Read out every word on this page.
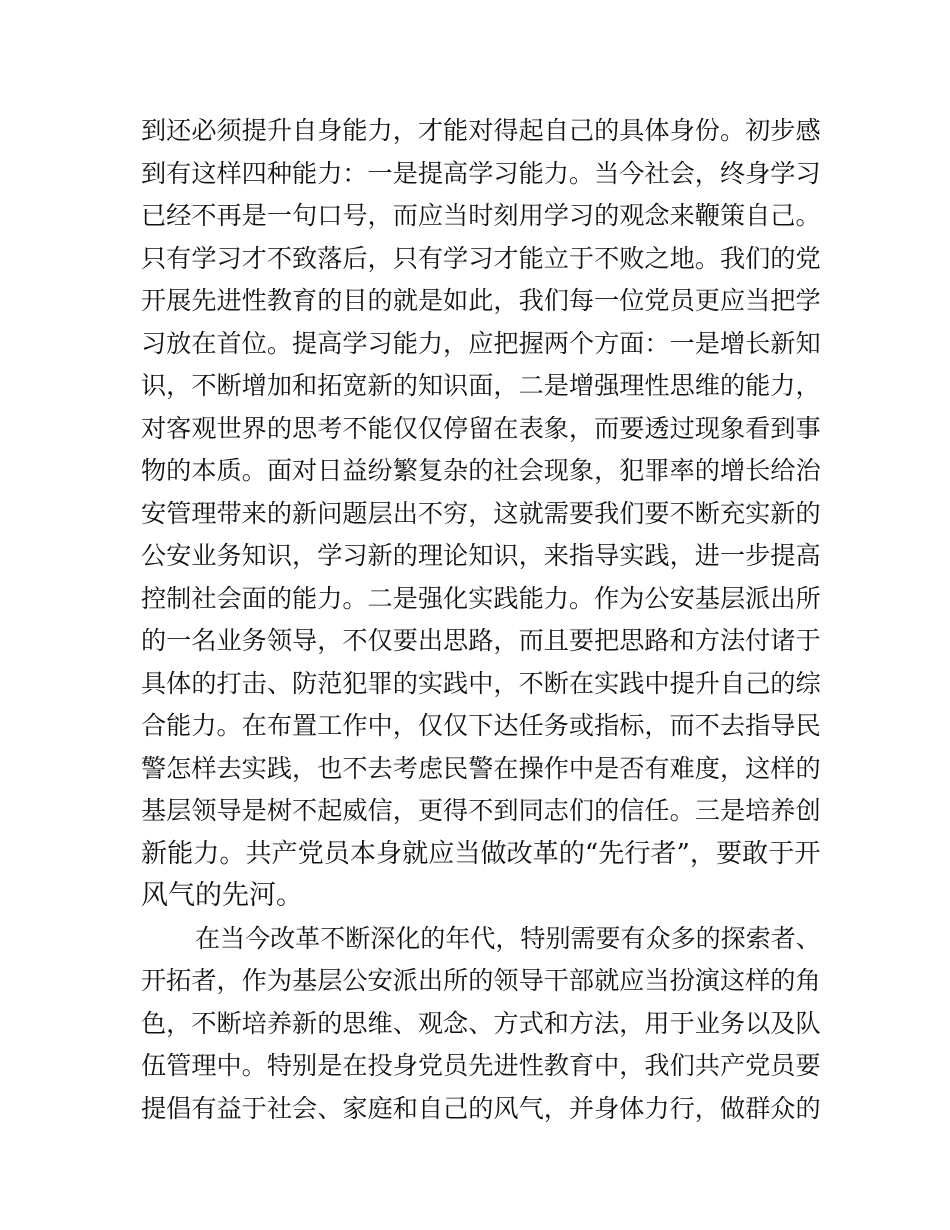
到还必须提升自身能力，才能对得起自己的具体身份。初步感
到有这样四种能力：一是提高学习能力。当今社会，终身学习
已经不再是一句口号，而应当时刻用学习的观念来鞭策自己。
只有学习才不致落后，只有学习才能立于不败之地。我们的党
开展先进性教育的目的就是如此，我们每一位党员更应当把学
习放在首位。提高学习能力，应把握两个方面：一是增长新知
识，不断增加和拓宽新的知识面，二是增强理性思维的能力，
对客观世界的思考不能仅仅停留在表象，而要透过现象看到事
物的本质。面对日益纷繁复杂的社会现象，犯罪率的增长给治
安管理带来的新问题层出不穷，这就需要我们要不断充实新的
公安业务知识，学习新的理论知识，来指导实践，进一步提高
控制社会面的能力。二是强化实践能力。作为公安基层派出所
的一名业务领导，不仅要出思路，而且要把思路和方法付诸于
具体的打击、防范犯罪的实践中，不断在实践中提升自己的综
合能力。在布置工作中，仅仅下达任务或指标，而不去指导民
警怎样去实践，也不去考虑民警在操作中是否有难度，这样的
基层领导是树不起威信，更得不到同志们的信任。三是培养创
新能力。共产党员本身就应当做改革的“先行者”，要敢于开
风气的先河。
在当今改革不断深化的年代，特别需要有众多的探索者、
开拓者，作为基层公安派出所的领导干部就应当扮演这样的角
色，不断培养新的思维、观念、方式和方法，用于业务以及队
伍管理中。特别是在投身党员先进性教育中，我们共产党员要
提倡有益于社会、家庭和自己的风气，并身体力行，做群众的
